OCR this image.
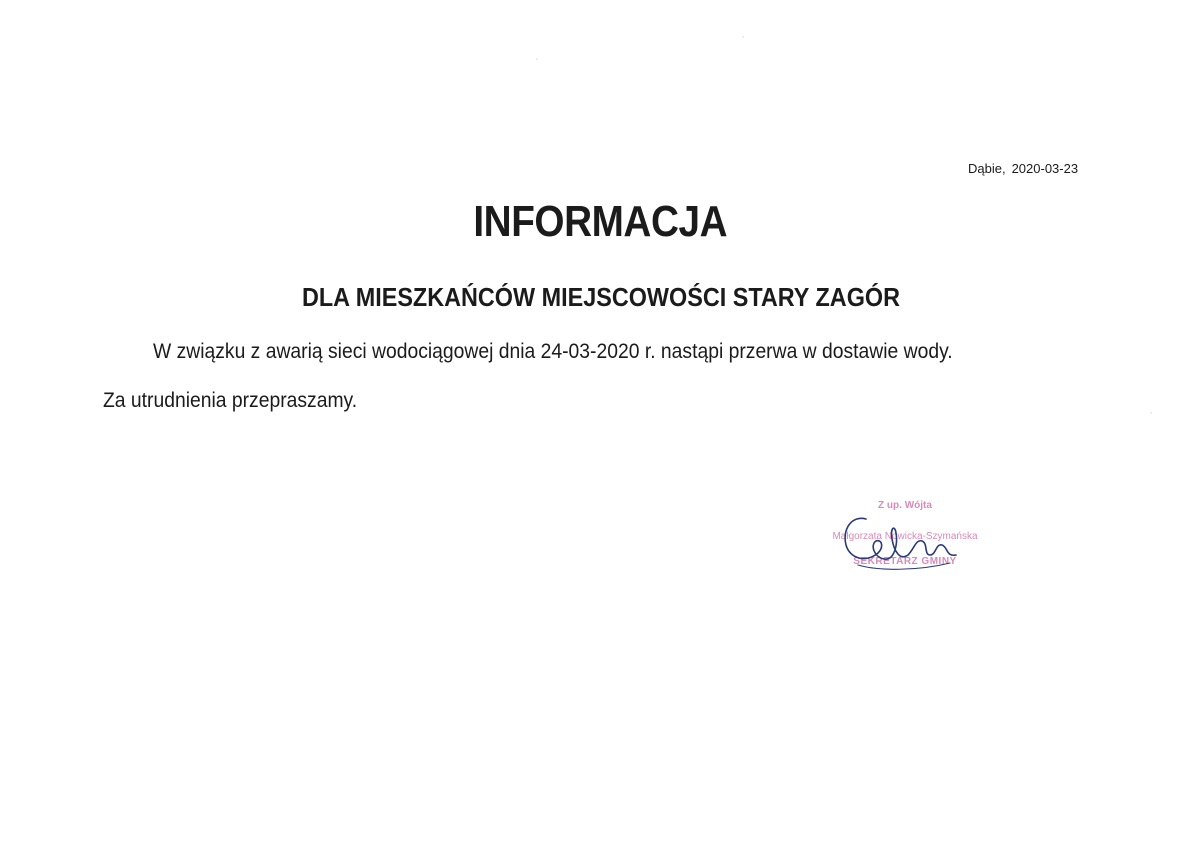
Dąbie, 2020-03-23
INFORMACJA
DLA MIESZKAŃCÓW MIEJSCOWOŚCI STARY ZAGÓR
W związku z awarią sieci wodociągowej dnia 24-03-2020 r. nastąpi przerwa w dostawie wody.
Za utrudnienia przepraszamy.
Z up. Wójta
Małgorzata Nowicka-Szymańska
SEKRETARZ GMINY
